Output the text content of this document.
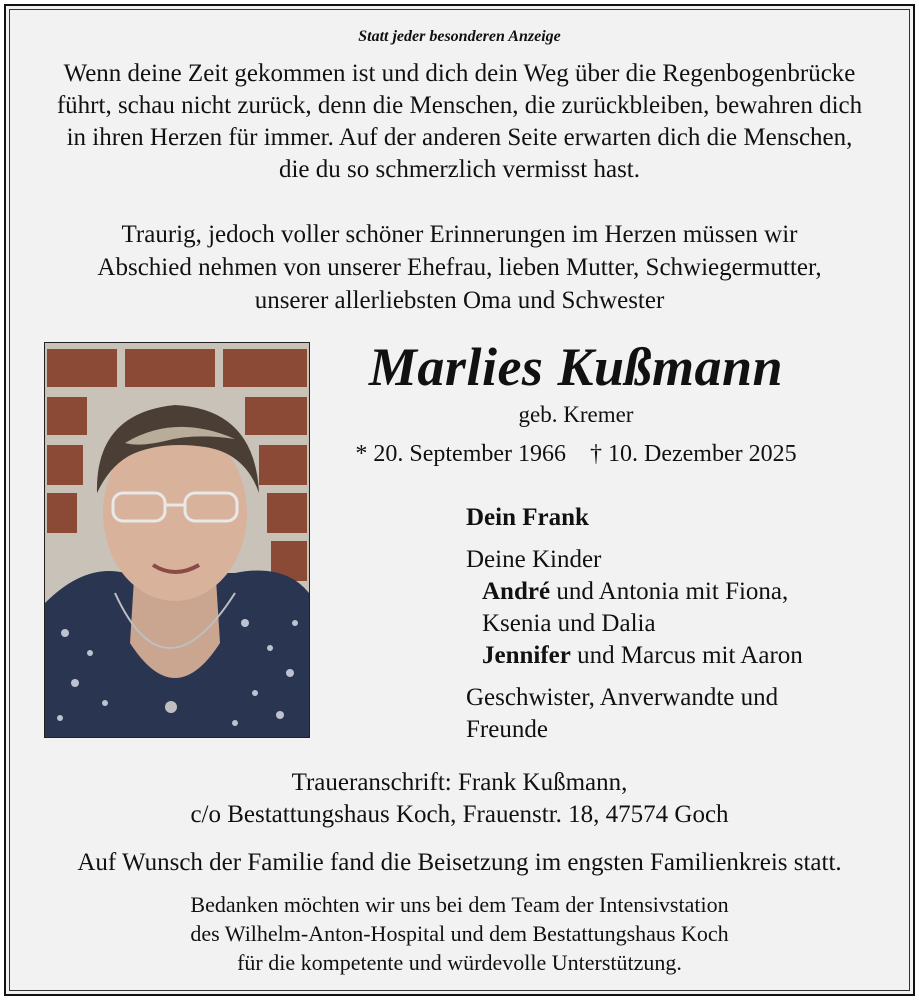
Statt jeder besonderen Anzeige
Wenn deine Zeit gekommen ist und dich dein Weg über die Regenbogenbrücke
führt, schau nicht zurück, denn die Menschen, die zurückbleiben, bewahren dich
in ihren Herzen für immer. Auf der anderen Seite erwarten dich die Menschen,
die du so schmerzlich vermisst hast.
Traurig, jedoch voller schöner Erinnerungen im Herzen müssen wir
Abschied nehmen von unserer Ehefrau, lieben Mutter, Schwiegermutter,
unserer allerliebsten Oma und Schwester
Marlies Kußmann
geb. Kremer
* 20. September 1966 † 10. Dezember 2025
Dein Frank
Deine Kinder
André und Antonia mit Fiona,
Ksenia und Dalia
Jennifer und Marcus mit Aaron
Geschwister, Anverwandte und
Freunde
Traueranschrift: Frank Kußmann,
c/o Bestattungshaus Koch, Frauenstr. 18, 47574 Goch
Auf Wunsch der Familie fand die Beisetzung im engsten Familienkreis statt.
Bedanken möchten wir uns bei dem Team der Intensivstation
des Wilhelm-Anton-Hospital und dem Bestattungshaus Koch
für die kompetente und würdevolle Unterstützung.
